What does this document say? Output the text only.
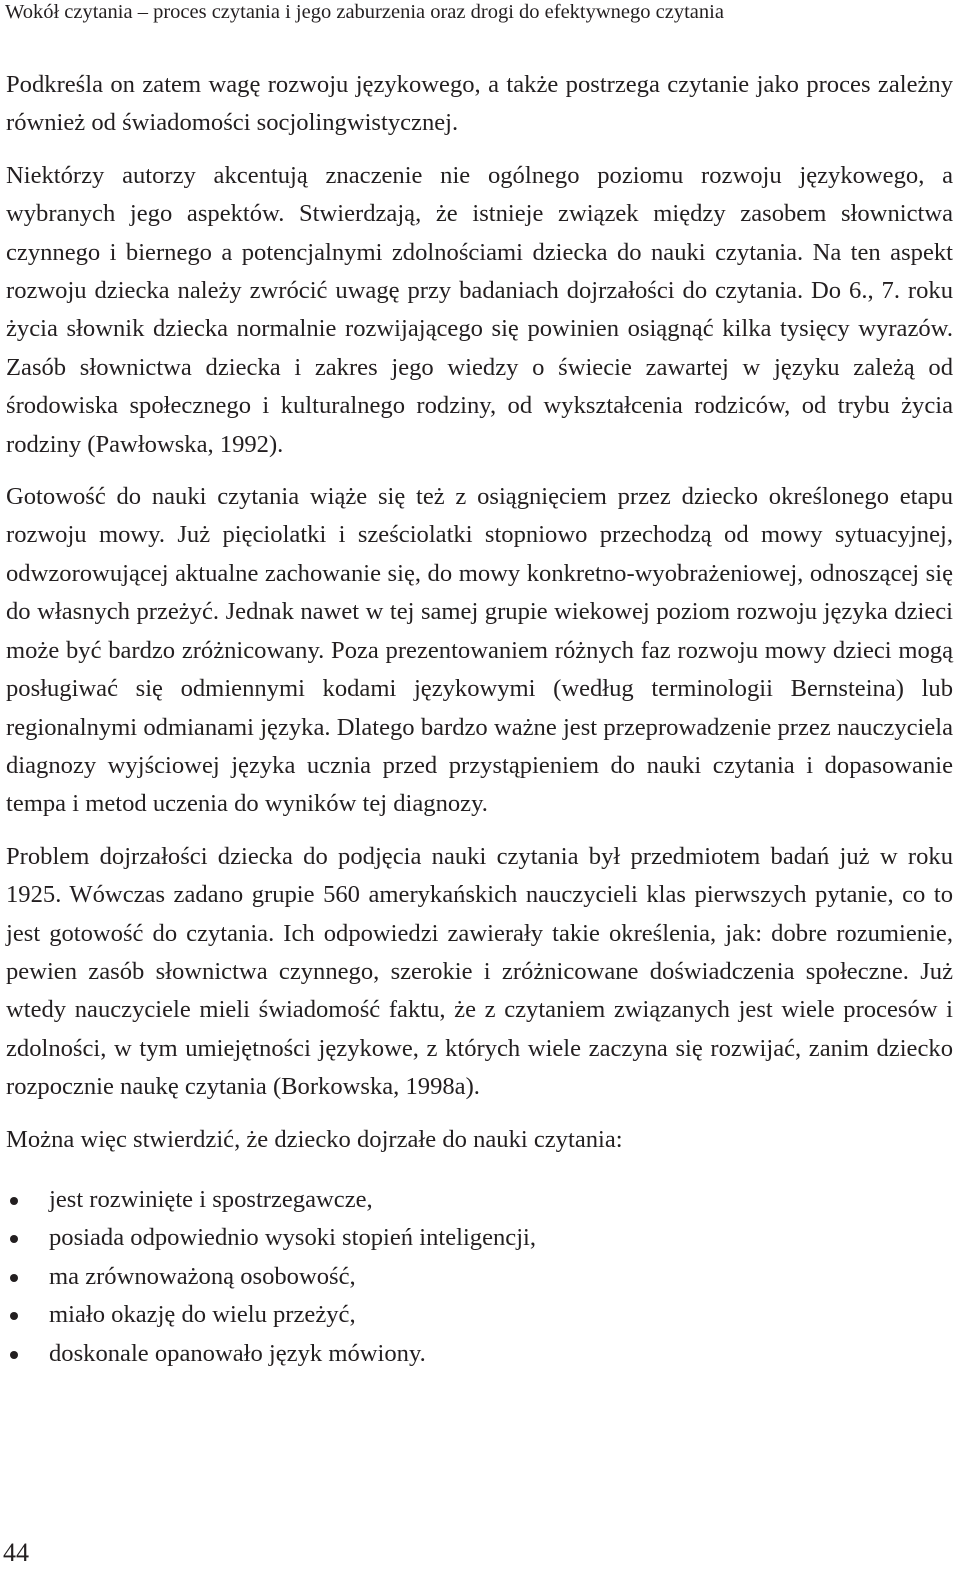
Wokół czytania – proces czytania i jego zaburzenia oraz drogi do efektywnego czytania

Podkreśla on zatem wagę rozwoju językowego, a także postrzega czytanie jako proces zależny również od świadomości socjolingwistycznej.

Niektórzy autorzy akcentują znaczenie nie ogólnego poziomu rozwoju językowego, a wybranych jego aspektów. Stwierdzają, że istnieje związek między zasobem słownictwa czynnego i biernego a potencjalnymi zdolnościami dziecka do nauki czytania. Na ten aspekt rozwoju dziecka należy zwrócić uwagę przy badaniach dojrzałości do czytania. Do 6., 7. roku życia słownik dziecka normalnie rozwijającego się powinien osiągnąć kilka tysięcy wyrazów. Zasób słownictwa dziecka i zakres jego wiedzy o świecie zawartej w języku zależą od środowiska społecznego i kulturalnego rodziny, od wykształcenia rodziców, od trybu życia rodziny (Pawłowska, 1992).

Gotowość do nauki czytania wiąże się też z osiągnięciem przez dziecko określonego etapu rozwoju mowy. Już pięciolatki i sześciolatki stopniowo przechodzą od mowy sytuacyjnej, odwzorowującej aktualne zachowanie się, do mowy konkretno-wyobrażeniowej, odnoszącej się do własnych przeżyć. Jednak nawet w tej samej grupie wiekowej poziom rozwoju języka dzieci może być bardzo zróżnicowany. Poza prezentowaniem różnych faz rozwoju mowy dzieci mogą posługiwać się odmiennymi kodami językowymi (według terminologii Bernsteina) lub regionalnymi odmianami języka. Dlatego bardzo ważne jest przeprowadzenie przez nauczyciela diagnozy wyjściowej języka ucznia przed przystąpieniem do nauki czytania i dopasowanie tempa i metod uczenia do wyników tej diagnozy.

Problem dojrzałości dziecka do podjęcia nauki czytania był przedmiotem badań już w roku 1925. Wówczas zadano grupie 560 amerykańskich nauczycieli klas pierwszych pytanie, co to jest gotowość do czytania. Ich odpowiedzi zawierały takie określenia, jak: dobre rozumienie, pewien zasób słownictwa czynnego, szerokie i zróżnicowane doświadczenia społeczne. Już wtedy nauczyciele mieli świadomość faktu, że z czytaniem związanych jest wiele procesów i zdolności, w tym umiejętności językowe, z których wiele zaczyna się rozwijać, zanim dziecko rozpocznie naukę czytania (Borkowska, 1998a).

Można więc stwierdzić, że dziecko dojrzałe do nauki czytania:

jest rozwinięte i spostrzegawcze,
posiada odpowiednio wysoki stopień inteligencji,
ma zrównoważoną osobowość,
miało okazję do wielu przeżyć,
doskonale opanowało język mówiony.
44
